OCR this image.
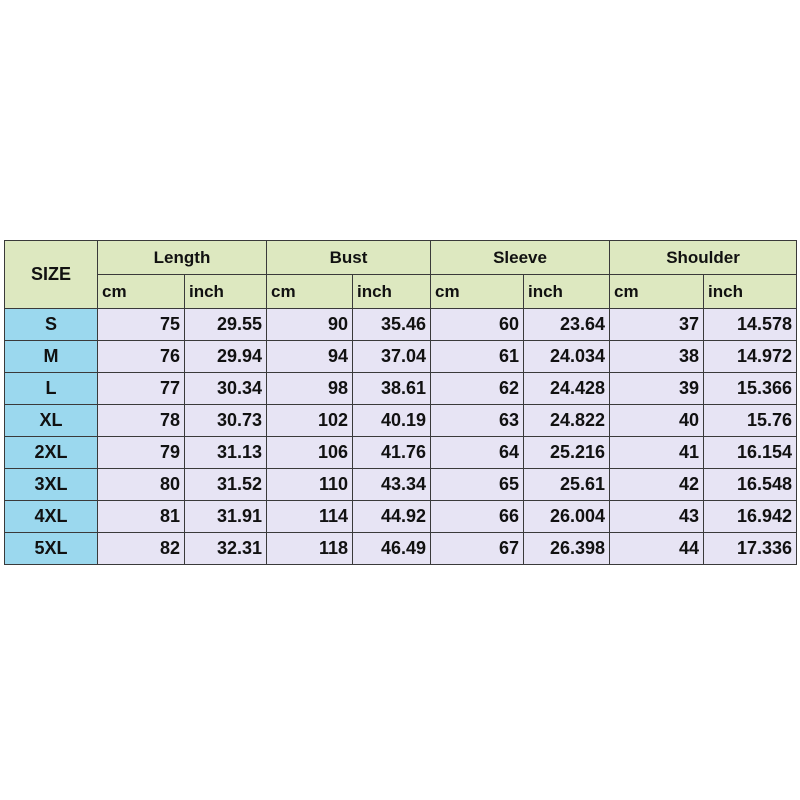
SIZE	Length		Bust		Sleeve		Shoulder	
	cm	inch	cm	inch	cm	inch	cm	inch
S	75	29.55	90	35.46	60	23.64	37	14.578
M	76	29.94	94	37.04	61	24.034	38	14.972
L	77	30.34	98	38.61	62	24.428	39	15.366
XL	78	30.73	102	40.19	63	24.822	40	15.76
2XL	79	31.13	106	41.76	64	25.216	41	16.154
3XL	80	31.52	110	43.34	65	25.61	42	16.548
4XL	81	31.91	114	44.92	66	26.004	43	16.942
5XL	82	32.31	118	46.49	67	26.398	44	17.336
